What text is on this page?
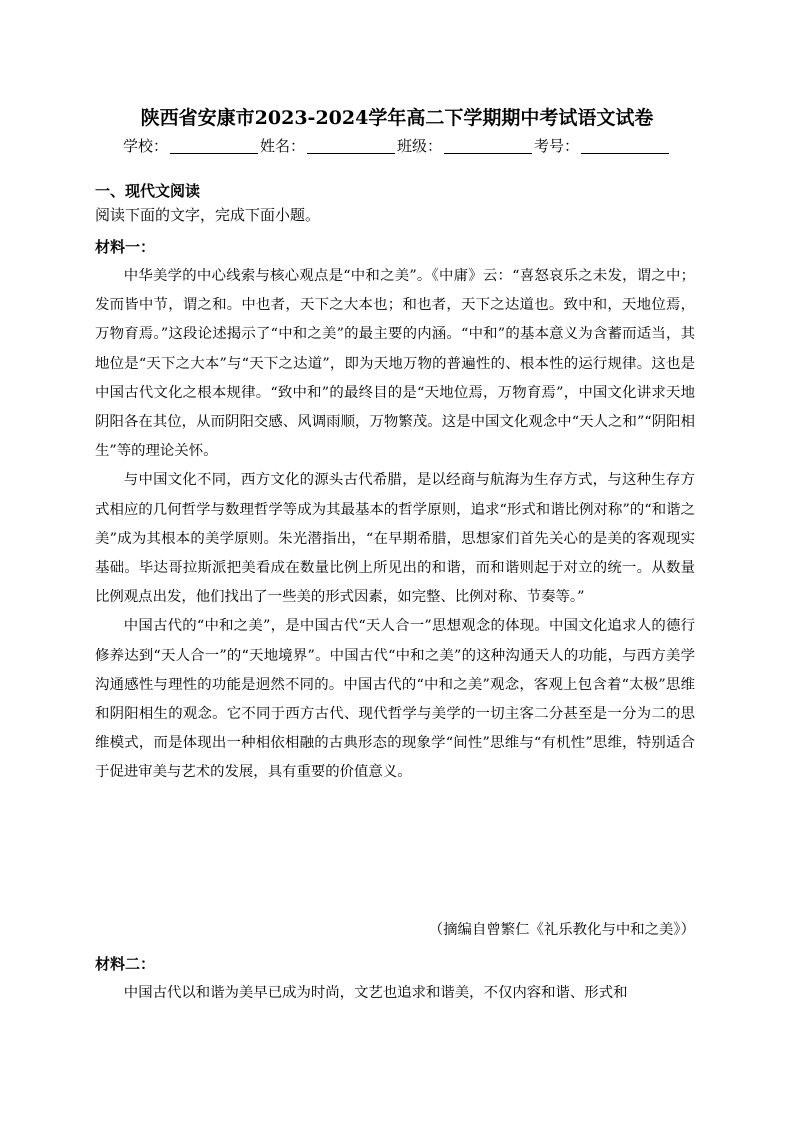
陕西省安康市2023-2024学年高二下学期期中考试语文试卷
学校：	姓名：	班级：	考号：
一、现代文阅读
阅读下面的文字，完成下面小题。
材料一：

中华美学的中心线索与核心观点是“中和之美”。《中庸》云：“喜怒哀乐之未发，谓之中；发而皆中节，谓之和。中也者，天下之大本也；和也者，天下之达道也。致中和，天地位焉，万物育焉。”这段论述揭示了“中和之美”的最主要的内涵。“中和”的基本意义为含蓄而适当，其地位是“天下之大本”与“天下之达道”，即为天地万物的普遍性的、根本性的运行规律。这也是中国古代文化之根本规律。“致中和”的最终目的是“天地位焉，万物育焉”，中国文化讲求天地阴阳各在其位，从而阴阳交感、风调雨顺，万物繁茂。这是中国文化观念中“天人之和”“阴阳相生”等的理论关怀。

与中国文化不同，西方文化的源头古代希腊，是以经商与航海为生存方式，与这种生存方式相应的几何哲学与数理哲学等成为其最基本的哲学原则，追求“形式和谐比例对称”的“和谐之美”成为其根本的美学原则。朱光潜指出，“在早期希腊，思想家们首先关心的是美的客观现实基础。毕达哥拉斯派把美看成在数量比例上所见出的和谐，而和谐则起于对立的统一。从数量比例观点出发，他们找出了一些美的形式因素，如完整、比例对称、节奏等。”

中国古代的“中和之美”，是中国古代“天人合一”思想观念的体现。中国文化追求人的德行修养达到“天人合一”的“天地境界”。中国古代“中和之美”的这种沟通天人的功能，与西方美学沟通感性与理性的功能是迥然不同的。中国古代的“中和之美”观念，客观上包含着“太极”思维和阴阳相生的观念。它不同于西方古代、现代哲学与美学的一切主客二分甚至是一分为二的思维模式，而是体现出一种相依相融的古典形态的现象学“间性”思维与“有机性”思维，特别适合于促进审美与艺术的发展，具有重要的价值意义。

（摘编自曾繁仁《礼乐教化与中和之美》）
材料二：

中国古代以和谐为美早已成为时尚，文艺也追求和谐美，不仅内容和谐、形式和
